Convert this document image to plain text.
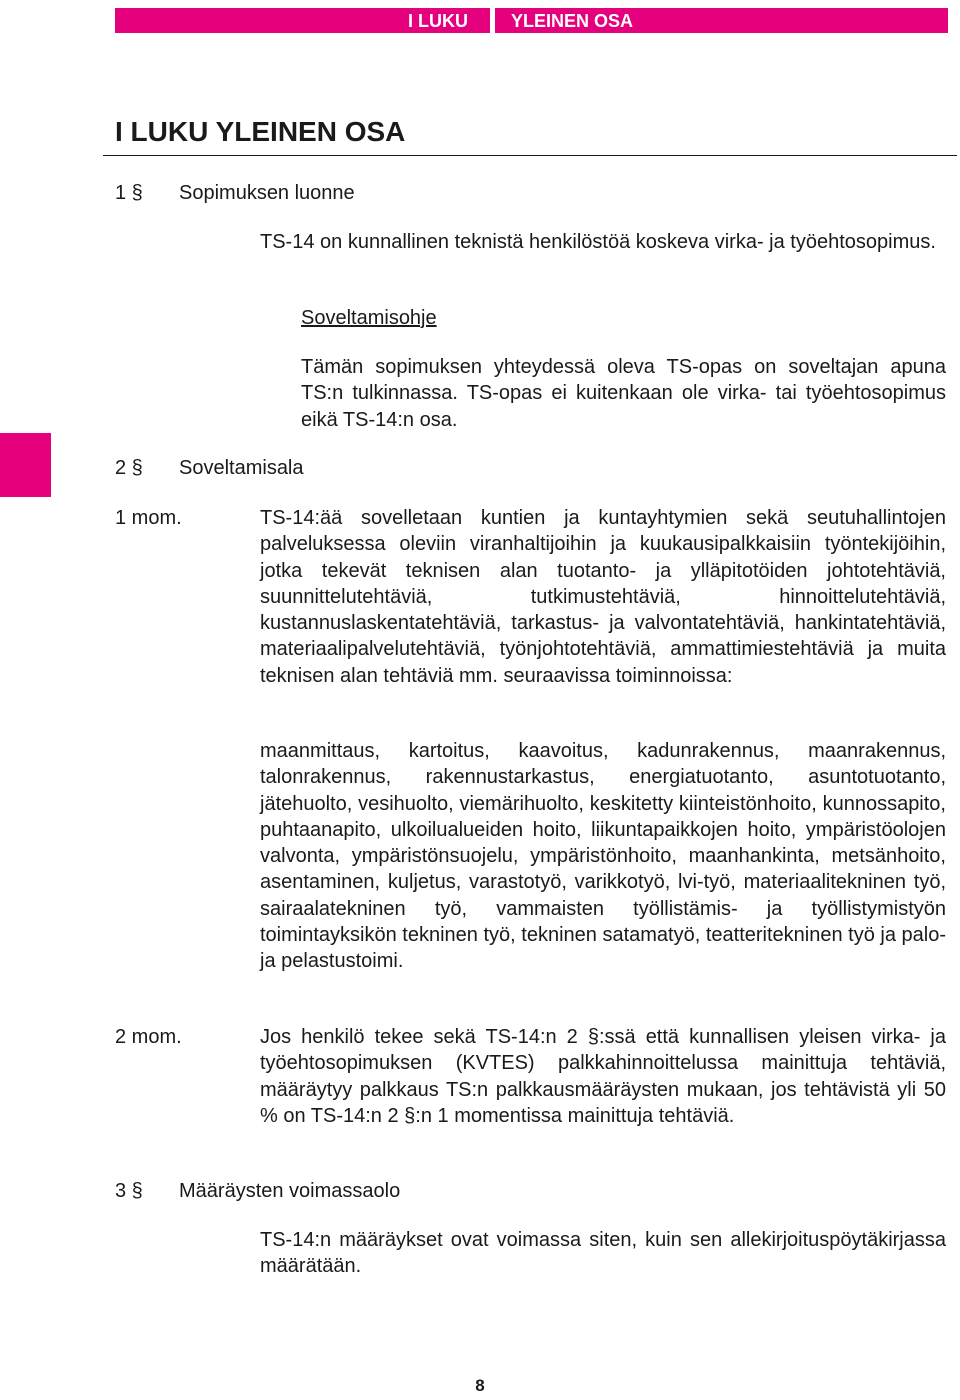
I LUKU YLEINEN OSA
I LUKU YLEINEN OSA
1 §	Sopimuksen luonne

TS-14 on kunnallinen teknistä henkilöstöä koskeva virka- ja työehtosopimus.

Soveltamisohje

Tämän sopimuksen yhteydessä oleva TS-opas on soveltajan apuna TS:n tulkinnassa. TS-opas ei kuitenkaan ole virka- tai työehtosopimus eikä TS-14:n osa.

2 §	Soveltamisala
1 mom.	TS-14:ää sovelletaan kuntien ja kuntayhtymien sekä seutuhallintojen palveluksessa oleviin viranhaltijoihin ja kuukausipalkkaisiin työntekijöihin, jotka tekevät teknisen alan tuotanto- ja ylläpitotöiden johtotehtäviä, suunnittelutehtäviä, tutkimustehtäviä, hinnoittelutehtäviä, kustannuslaskentatehtäviä, tarkastus- ja valvontatehtäviä, hankintatehtäviä, materiaalipalvelutehtäviä, työnjohtotehtäviä, ammattimiestehtäviä ja muita teknisen alan tehtäviä mm. seuraavissa toiminnoissa:

maanmittaus, kartoitus, kaavoitus, kadunrakennus, maanrakennus, talonrakennus, rakennustarkastus, energiatuotanto, asuntotuotanto, jätehuolto, vesihuolto, viemärihuolto, keskitetty kiinteistönhoito, kunnossapito, puhtaanapito, ulkoilualueiden hoito, liikuntapaikkojen hoito, ympäristöolojen valvonta, ympäristönsuojelu, ympäristönhoito, maanhankinta, metsänhoito, asentaminen, kuljetus, varastotyö, varikkotyö, lvi-työ, materiaalitekninen työ, sairaalatekninen työ, vammaisten työllistämis- ja työllistymistyön toimintayksikön tekninen työ, tekninen satamatyö, teatteritekninen työ ja palo- ja pelastustoimi.

2 mom.	Jos henkilö tekee sekä TS-14:n 2 §:ssä että kunnallisen yleisen virka- ja työehtosopimuksen (KVTES) palkkahinnoittelussa mainittuja tehtäviä, määräytyy palkkaus TS:n palkkausmääräysten mukaan, jos tehtävistä yli 50 % on TS-14:n 2 §:n 1 momentissa mainittuja tehtäviä.

3 §	Määräysten voimassaolo

TS-14:n määräykset ovat voimassa siten, kuin sen allekirjoituspöytäkirjassa määrätään.

8
